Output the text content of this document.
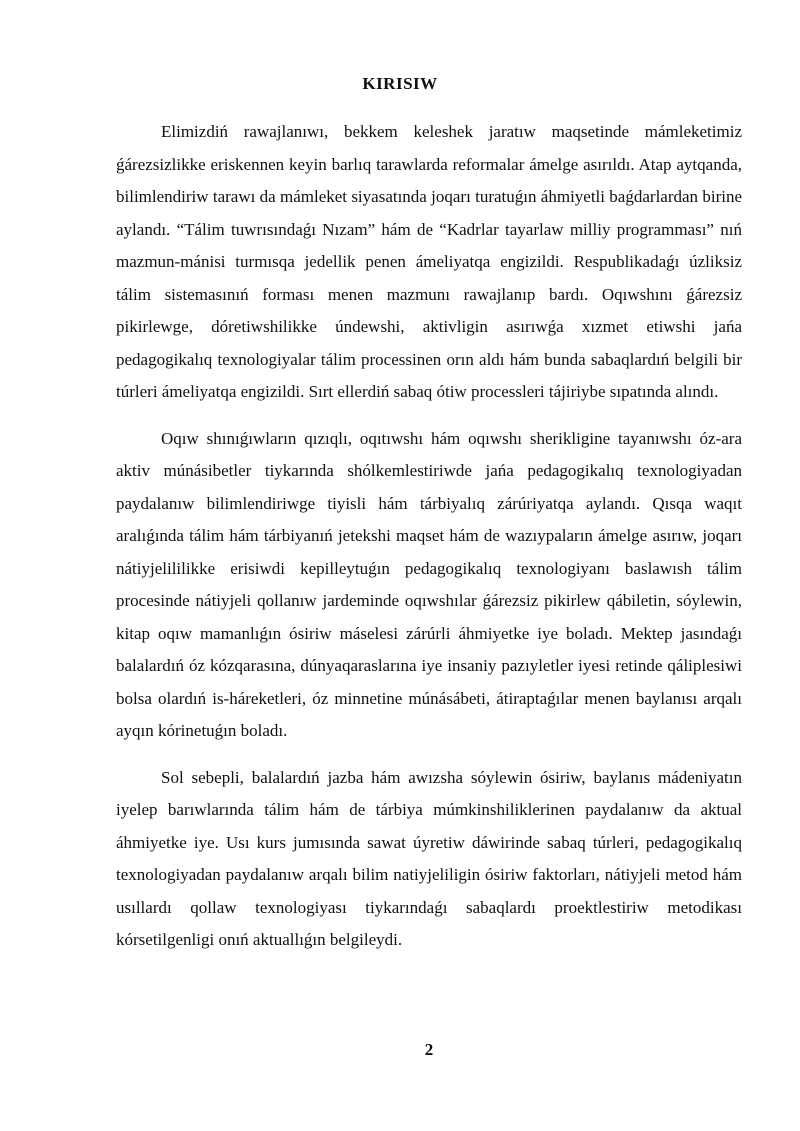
KIRISIW

Elimizdiń rawajlanıwı, bekkem keleshek jaratıw maqsetinde mámleketimiz ǵárezsizlikke eriskennen keyin barlıq tarawlarda reformalar ámelge asırıldı. Atap aytqanda, bilimlendiriw tarawı da mámleket siyasatında joqarı turatuǵın áhmiyetli baǵdarlardan birine aylandı. “Tálim tuwrısındaǵı Nızam” hám de “Kadrlar tayarlaw milliy programması” nıń mazmun-mánisi turmısqa jedellik penen ámeliyatqa engizildi. Respublikadaǵı úzliksiz tálim sistemasınıń forması menen mazmunı rawajlanıp bardı. Oqıwshını ǵárezsiz pikirlewge, dóretiwshilikke úndewshi, aktivligin asırıwǵa xızmet etiwshi jańa pedagogikalıq texnologiyalar tálim processinen orın aldı hám bunda sabaqlardıń belgili bir túrleri ámeliyatqa engizildi. Sırt ellerdiń sabaq ótiw processleri tájiriybe sıpatında alındı.

Oqıw shınıǵıwların qızıqlı, oqıtıwshı hám oqıwshı sherikligine tayanıwshı óz-ara aktiv múnásibetler tiykarında shólkemlestiriwde jańa pedagogikalıq texnologiyadan paydalanıw bilimlendiriwge tiyisli hám tárbiyalıq zárúriyatqa aylandı. Qısqa waqıt aralıǵında tálim hám tárbiyanıń jetekshi maqset hám de wazıypaların ámelge asırıw, joqarı nátiyjelililikke erisiwdi kepilleytuǵın pedagogikalıq texnologiyanı baslawısh tálim procesinde nátiyjeli qollanıw jardeminde oqıwshılar ǵárezsiz pikirlew qábiletin, sóylewin, kitap oqıw mamanlıǵın ósiriw máselesi zárúrli áhmiyetke iye boladı. Mektep jasındaǵı balalardıń óz kózqarasına, dúnyaqaraslarına iye insaniy pazıyletler iyesi retinde qáliplesiwi bolsa olardıń is-háreketleri, óz minnetine múnásábeti, átiraptaǵılar menen baylanısı arqalı ayqın kórinetuǵın boladı.

Sol sebepli, balalardıń jazba hám awızsha sóylewin ósiriw, baylanıs mádeniyatın iyelep barıwlarında tálim hám de tárbiya múmkinshiliklerinen paydalanıw da aktual áhmiyetke iye. Usı kurs jumısında sawat úyretiw dáwirinde sabaq túrleri, pedagogikalıq texnologiyadan paydalanıw arqalı bilim natiyjeliligin ósiriw faktorları, nátiyjeli metod hám usıllardı qollaw texnologiyası tiykarındaǵı sabaqlardı proektlestiriw metodikası kórsetilgenligi onıń aktuallıǵın belgileydi.

2
